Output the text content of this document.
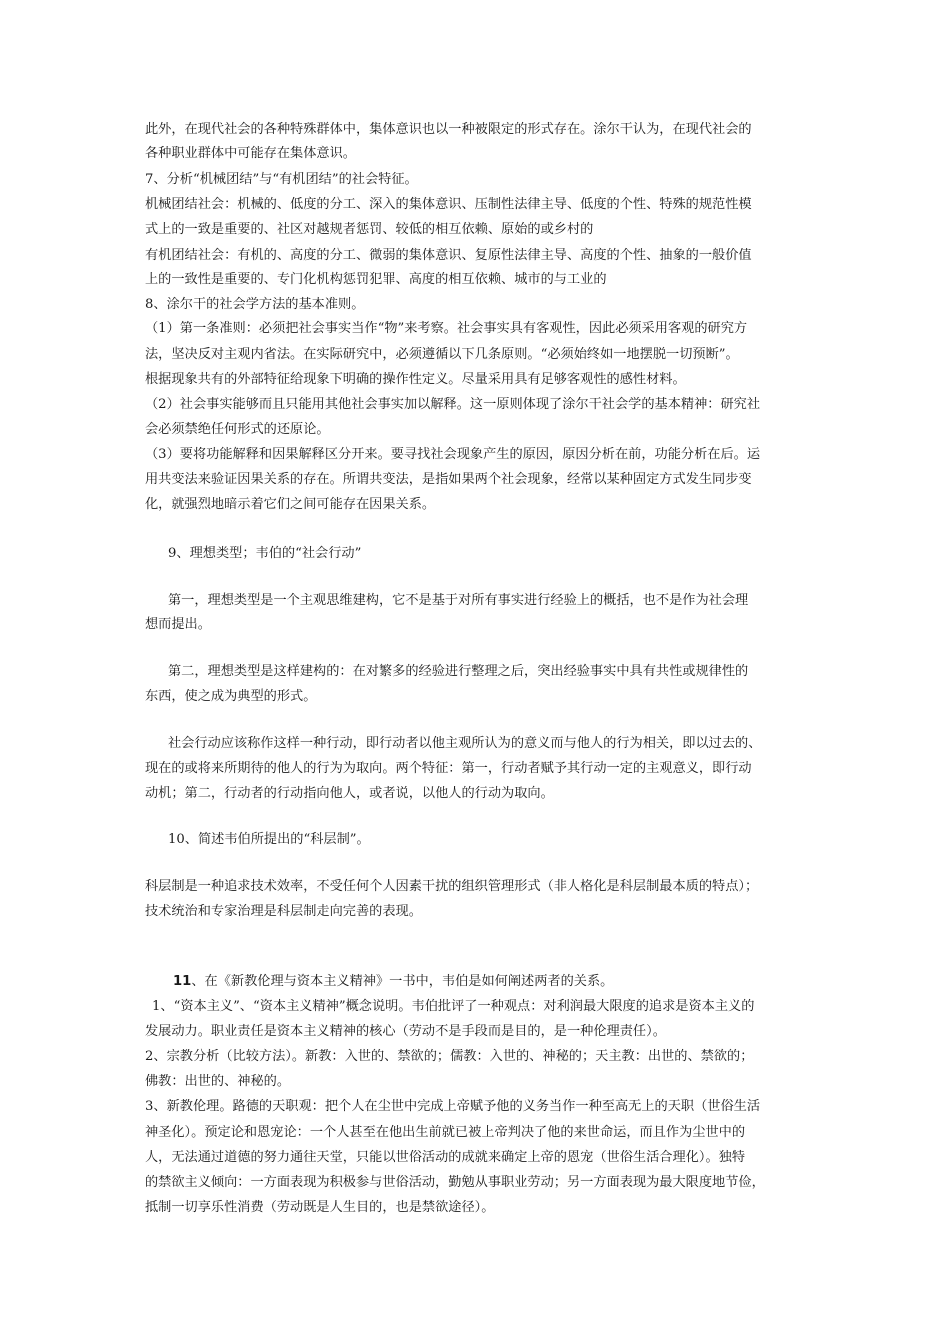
此外，在现代社会的各种特殊群体中，集体意识也以一种被限定的形式存在。涂尔干认为，在现代社会的
各种职业群体中可能存在集体意识。
7、分析“机械团结”与“有机团结”的社会特征。
机械团结社会：机械的、低度的分工、深入的集体意识、压制性法律主导、低度的个性、特殊的规范性模
式上的一致是重要的、社区对越规者惩罚、较低的相互依赖、原始的或乡村的
有机团结社会：有机的、高度的分工、微弱的集体意识、复原性法律主导、高度的个性、抽象的一般价值
上的一致性是重要的、专门化机构惩罚犯罪、高度的相互依赖、城市的与工业的
8、涂尔干的社会学方法的基本准则。
（1）第一条准则：必须把社会事实当作“物”来考察。社会事实具有客观性，因此必须采用客观的研究方
法，坚决反对主观内省法。在实际研究中，必须遵循以下几条原则。“必须始终如一地摆脱一切预断”。
根据现象共有的外部特征给现象下明确的操作性定义。尽量采用具有足够客观性的感性材料。
（2）社会事实能够而且只能用其他社会事实加以解释。这一原则体现了涂尔干社会学的基本精神：研究社
会必须禁绝任何形式的还原论。
（3）要将功能解释和因果解释区分开来。要寻找社会现象产生的原因，原因分析在前，功能分析在后。运
用共变法来验证因果关系的存在。所谓共变法，是指如果两个社会现象，经常以某种固定方式发生同步变
化，就强烈地暗示着它们之间可能存在因果关系。
9、理想类型；韦伯的“社会行动”
第一，理想类型是一个主观思维建构，它不是基于对所有事实进行经验上的概括，也不是作为社会理
想而提出。
第二，理想类型是这样建构的：在对繁多的经验进行整理之后，突出经验事实中具有共性或规律性的
东西，使之成为典型的形式。
社会行动应该称作这样一种行动，即行动者以他主观所认为的意义而与他人的行为相关，即以过去的、
现在的或将来所期待的他人的行为为取向。两个特征：第一，行动者赋予其行动一定的主观意义，即行动
动机；第二，行动者的行动指向他人，或者说，以他人的行动为取向。
10、简述韦伯所提出的“科层制”。
科层制是一种追求技术效率，不受任何个人因素干扰的组织管理形式（非人格化是科层制最本质的特点）；
技术统治和专家治理是科层制走向完善的表现。
11、在《新教伦理与资本主义精神》一书中，韦伯是如何阐述两者的关系。
1、“资本主义”、“资本主义精神”概念说明。韦伯批评了一种观点：对利润最大限度的追求是资本主义的
发展动力。职业责任是资本主义精神的核心（劳动不是手段而是目的，是一种伦理责任）。
2、宗教分析（比较方法）。新教：入世的、禁欲的；儒教：入世的、神秘的；天主教：出世的、禁欲的；
佛教：出世的、神秘的。
3、新教伦理。路德的天职观：把个人在尘世中完成上帝赋予他的义务当作一种至高无上的天职（世俗生活
神圣化）。预定论和恩宠论：一个人甚至在他出生前就已被上帝判决了他的来世命运，而且作为尘世中的
人，无法通过道德的努力通往天堂，只能以世俗活动的成就来确定上帝的恩宠（世俗生活合理化）。独特
的禁欲主义倾向：一方面表现为积极参与世俗活动，勤勉从事职业劳动；另一方面表现为最大限度地节俭，
抵制一切享乐性消费（劳动既是人生目的，也是禁欲途径）。
